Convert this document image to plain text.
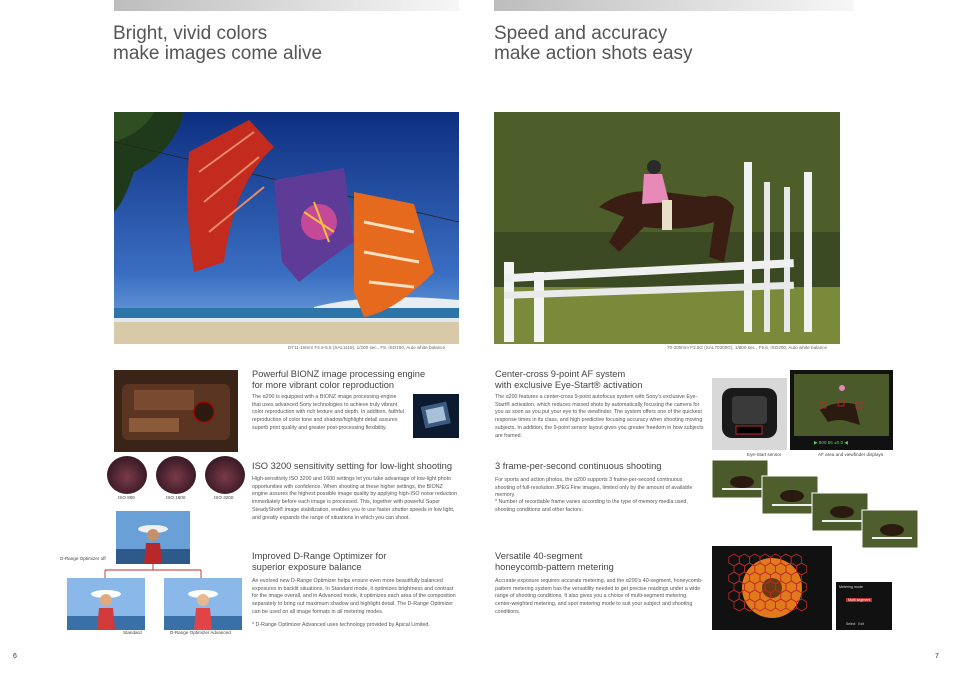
Bright, vivid colors
make images come alive
DT11-18mm F4.5-5.6 (SAL1118), 1/200 sec., F8, ISO100, Auto white balance
Powerful BIONZ image processing engine
for more vibrant color reproduction
The α200 is equipped with a BIONZ image processing engine that uses advanced Sony technologies to achieve truly vibrant color reproduction with rich texture and depth. In addition, faithful reproduction of color tone and shadow/highlight detail assures superb print quality and greater post-processing flexibility.
ISO 800	ISO 1600	ISO 3200
ISO 3200 sensitivity setting for low-light shooting
High-sensitivity ISO 3200 and 1600 settings let you take advantage of low-light photo opportunities with confidence. When shooting at these higher settings, the BIONZ engine assures the highest possible image quality by applying high-ISO noise reduction immediately before each image is processed. This, together with powerful Super SteadyShot® image stabilization, enables you to use faster shutter speeds in low light, and greatly expands the range of situations in which you can shoot.
D-Range Optimizer off
Standard	D-Range Optimizer Advanced
Improved D-Range Optimizer for
superior exposure balance
An evolved new D-Range Optimizer helps ensure even more beautifully balanced exposures in backlit situations. In Standard mode, it optimizes brightness and contrast for the image overall, and in Advanced mode, it optimizes each area of the composition separately to bring out maximum shadow and highlight detail. The D-Range Optimizer can be used on all image formats in all metering modes.
* D-Range Optimizer Advanced uses technology provided by Apical Limited.
6
Speed and accuracy
make action shots easy
70-300mm F3.5G (SAL70300G), 1/800 sec., F5.6, ISO200, Auto white balance
Center-cross 9-point AF system
with exclusive Eye-Start® activation
The α200 features a center-cross 9-point autofocus system with Sony's exclusive Eye-Start® activation, which reduces missed shots by automatically focusing the camera for you as soon as you put your eye to the viewfinder. The system offers one of the quickest response times in its class, and high predictive focusing accuracy when shooting moving subjects. In addition, the 9-point sensor layout gives you greater freedom in how subjects are framed.
▶ 800 56 ±0.0 ◀
Eye-Start sensor	AF area and viewfinder displays
3 frame-per-second continuous shooting
For sports and action photos, the α200 supports 3 frame-per-second continuous shooting of full-resolution JPEG Fine images, limited only by the amount of available memory.
* Number of recordable frame varies according to the type of memory media used, shooting conditions and other factors.
Versatile 40-segment
honeycomb-pattern metering
Accurate exposure requires accurate metering, and the α200's 40-segment, honeycomb-pattern metering system has the versatility needed to get precise readings under a wide range of shooting conditions. It also gives you a choice of multi-segment metering, center-weighted metering, and spot metering mode to suit your subject and shooting conditions.
Metering mode
Multi segment
Select   Exit
7
